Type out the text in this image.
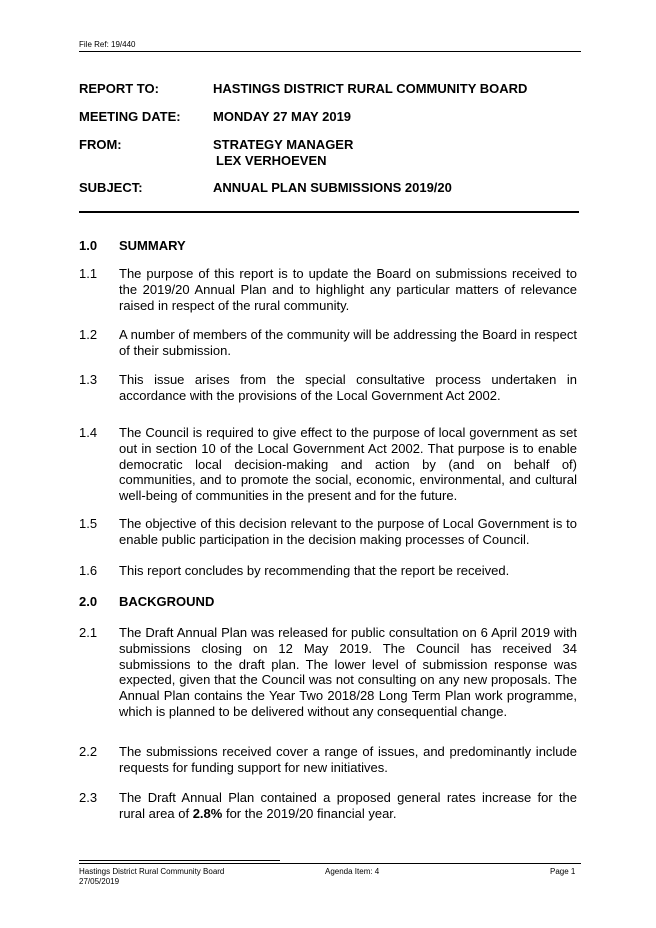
File Ref: 19/440
REPORT TO:	HASTINGS DISTRICT RURAL COMMUNITY BOARD
MEETING DATE:	MONDAY 27 MAY 2019
FROM:	STRATEGY MANAGER
LEX VERHOEVEN
SUBJECT:	ANNUAL PLAN SUBMISSIONS 2019/20
1.0 SUMMARY
1.1 The purpose of this report is to update the Board on submissions received to the 2019/20 Annual Plan and to highlight any particular matters of relevance raised in respect of the rural community.
1.2 A number of members of the community will be addressing the Board in respect of their submission.
1.3 This issue arises from the special consultative process undertaken in accordance with the provisions of the Local Government Act 2002.
1.4 The Council is required to give effect to the purpose of local government as set out in section 10 of the Local Government Act 2002. That purpose is to enable democratic local decision-making and action by (and on behalf of) communities, and to promote the social, economic, environmental, and cultural well-being of communities in the present and for the future.
1.5 The objective of this decision relevant to the purpose of Local Government is to enable public participation in the decision making processes of Council.
1.6 This report concludes by recommending that the report be received.
2.0 BACKGROUND
2.1 The Draft Annual Plan was released for public consultation on 6 April 2019 with submissions closing on 12 May 2019. The Council has received 34 submissions to the draft plan. The lower level of submission response was expected, given that the Council was not consulting on any new proposals. The Annual Plan contains the Year Two 2018/28 Long Term Plan work programme, which is planned to be delivered without any consequential change.
2.2 The submissions received cover a range of issues, and predominantly include requests for funding support for new initiatives.
2.3 The Draft Annual Plan contained a proposed general rates increase for the rural area of 2.8% for the 2019/20 financial year.
Hastings District Rural Community Board
27/05/2019
Agenda Item: 4	Page 1
